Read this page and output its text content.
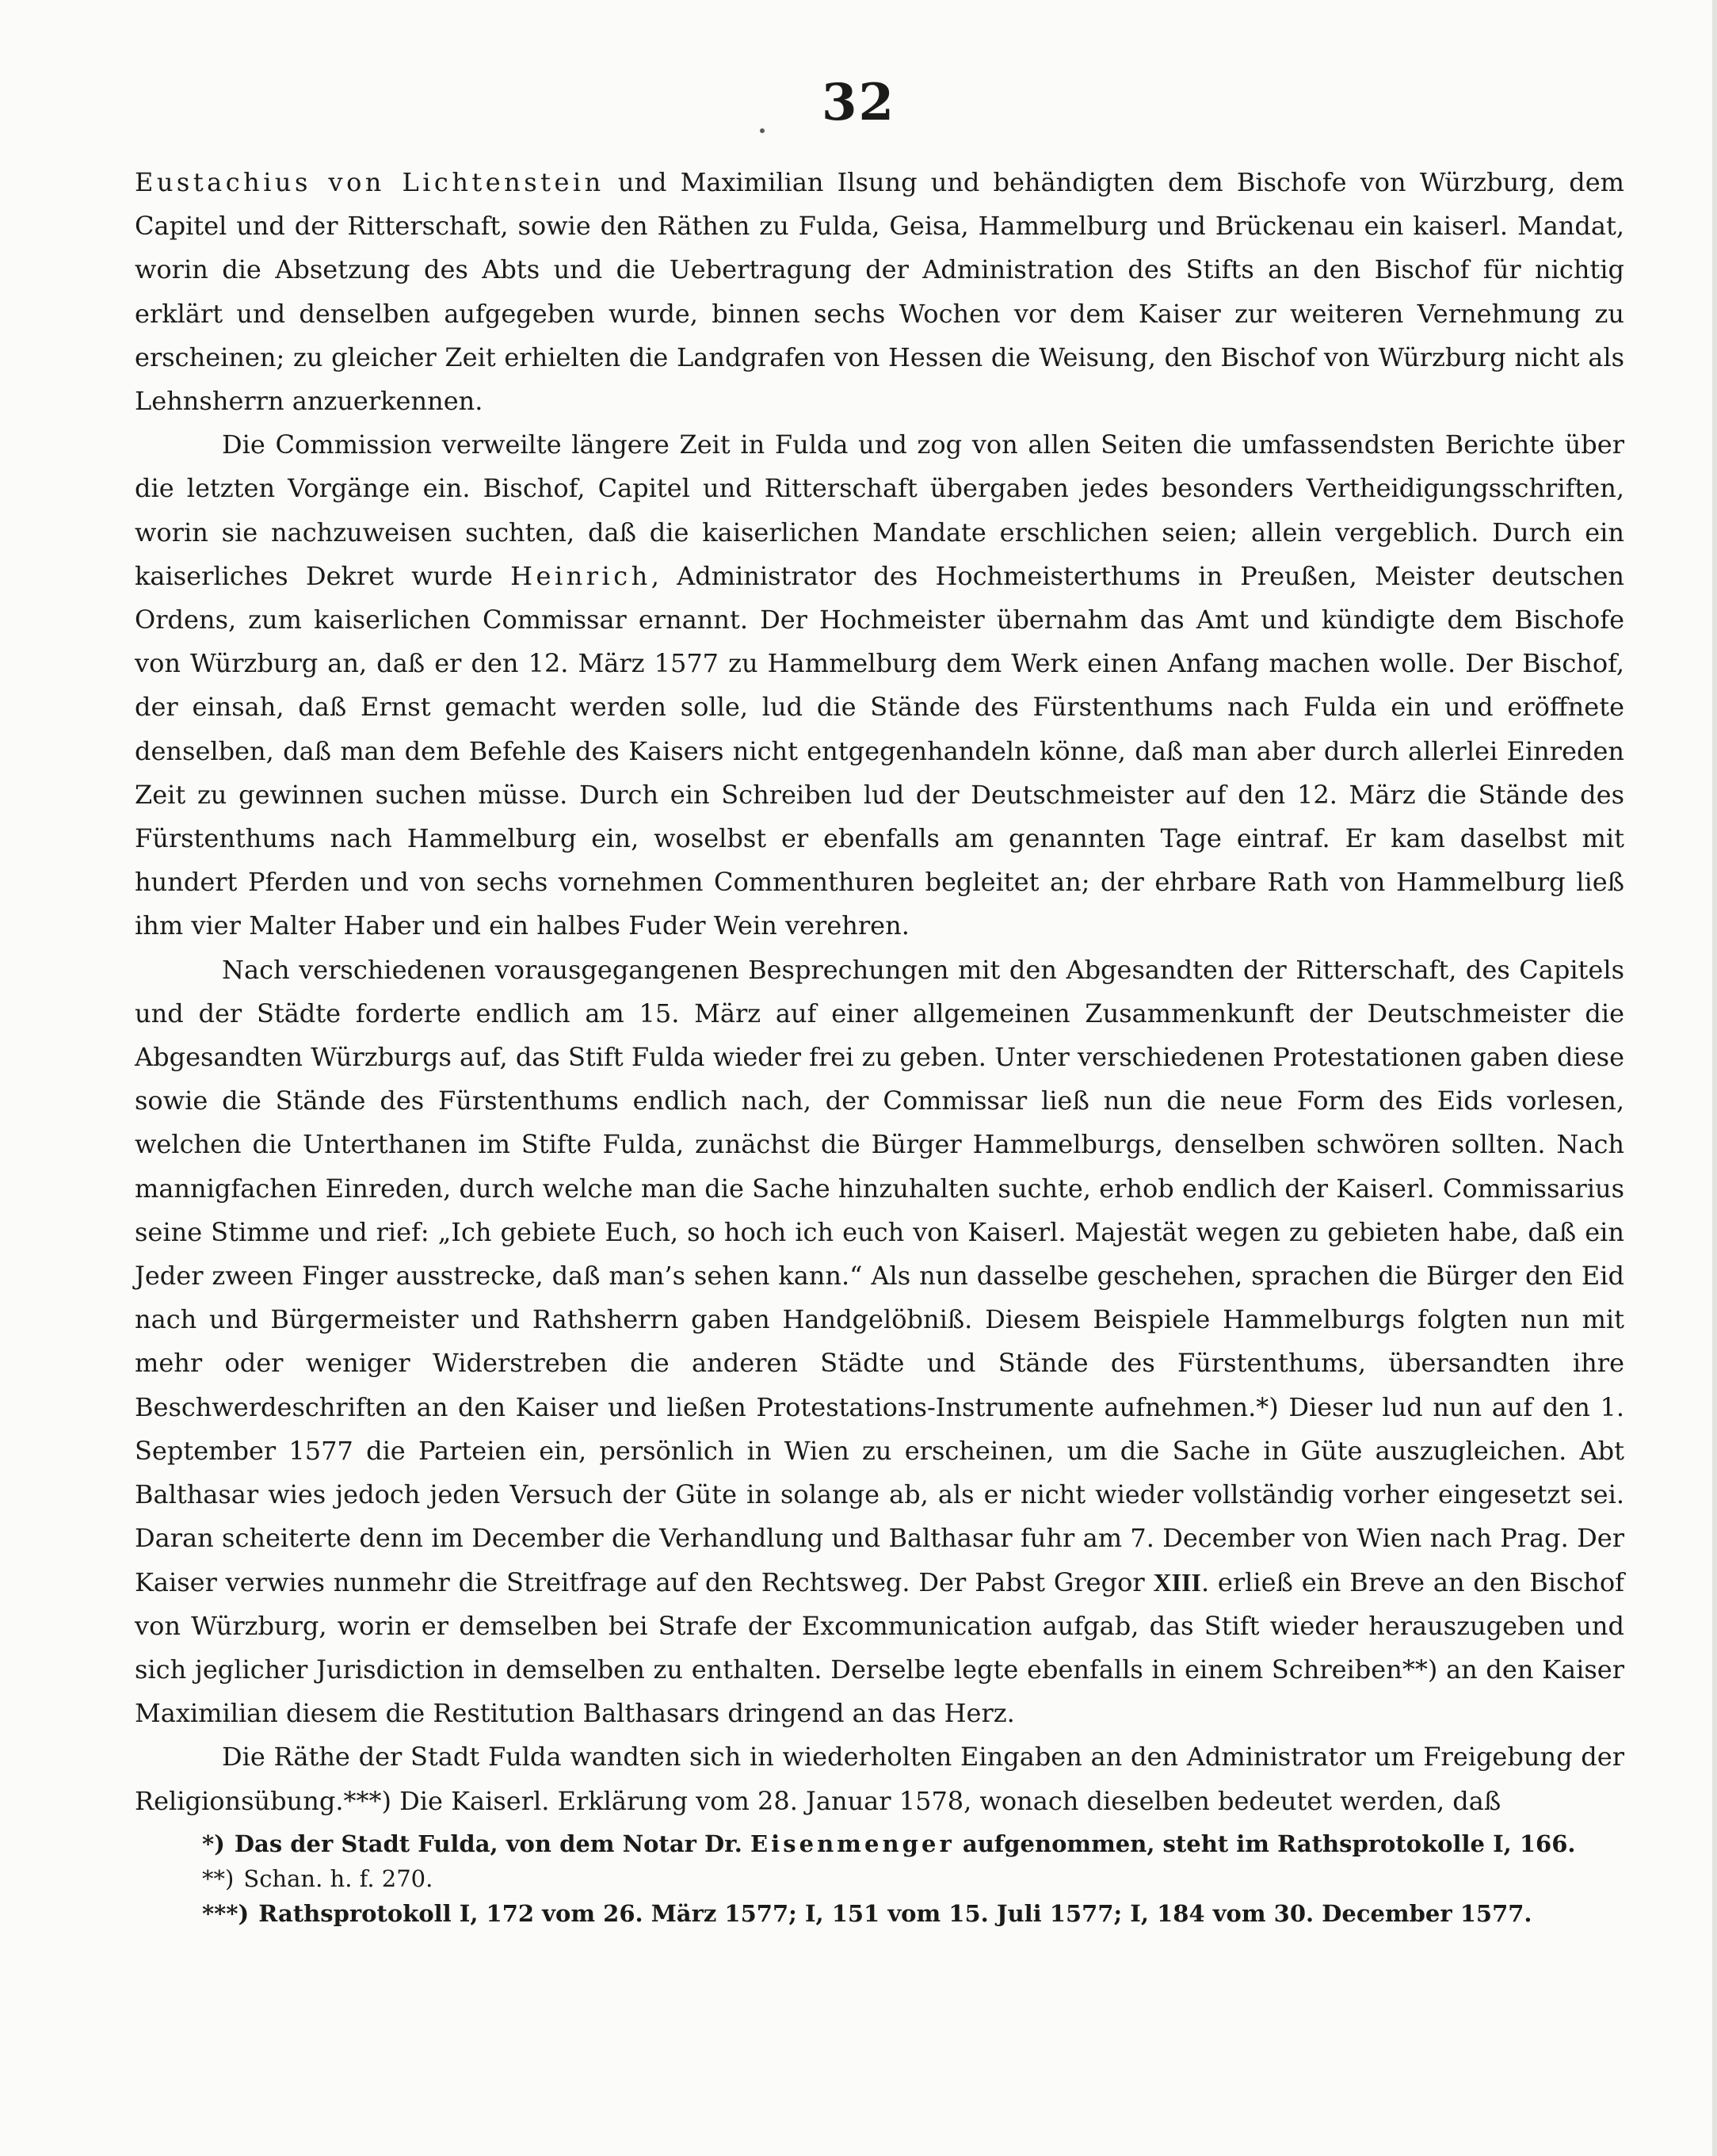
32

Eustachius von Lichtenstein und Maximilian Ilsung und behändigten dem Bischofe von Würzburg, dem Capitel und der Ritterschaft, sowie den Räthen zu Fulda, Geisa, Hammelburg und Brückenau ein kaiserl. Mandat, worin die Absetzung des Abts und die Uebertragung der Administration des Stifts an den Bischof für nichtig erklärt und denselben aufgegeben wurde, binnen sechs Wochen vor dem Kaiser zur weiteren Vernehmung zu erscheinen; zu gleicher Zeit erhielten die Landgrafen von Hessen die Weisung, den Bischof von Würzburg nicht als Lehnsherrn anzuerkennen.

Die Commission verweilte längere Zeit in Fulda und zog von allen Seiten die umfassendsten Berichte über die letzten Vorgänge ein. Bischof, Capitel und Ritterschaft übergaben jedes besonders Vertheidigungsschriften, worin sie nachzuweisen suchten, daß die kaiserlichen Mandate erschlichen seien; allein vergeblich. Durch ein kaiserliches Dekret wurde Heinrich, Administrator des Hochmeisterthums in Preußen, Meister deutschen Ordens, zum kaiserlichen Commissar ernannt. Der Hochmeister übernahm das Amt und kündigte dem Bischofe von Würzburg an, daß er den 12. März 1577 zu Hammelburg dem Werk einen Anfang machen wolle. Der Bischof, der einsah, daß Ernst gemacht werden solle, lud die Stände des Fürstenthums nach Fulda ein und eröffnete denselben, daß man dem Befehle des Kaisers nicht entgegenhandeln könne, daß man aber durch allerlei Einreden Zeit zu gewinnen suchen müsse. Durch ein Schreiben lud der Deutschmeister auf den 12. März die Stände des Fürstenthums nach Hammelburg ein, woselbst er ebenfalls am genannten Tage eintraf. Er kam daselbst mit hundert Pferden und von sechs vornehmen Commenthuren begleitet an; der ehrbare Rath von Hammelburg ließ ihm vier Malter Haber und ein halbes Fuder Wein verehren.

Nach verschiedenen vorausgegangenen Besprechungen mit den Abgesandten der Ritterschaft, des Capitels und der Städte forderte endlich am 15. März auf einer allgemeinen Zusammenkunft der Deutschmeister die Abgesandten Würzburgs auf, das Stift Fulda wieder frei zu geben. Unter verschiedenen Protestationen gaben diese sowie die Stände des Fürstenthums endlich nach, der Commissar ließ nun die neue Form des Eids vorlesen, welchen die Unterthanen im Stifte Fulda, zunächst die Bürger Hammelburgs, denselben schwören sollten. Nach mannigfachen Einreden, durch welche man die Sache hinzuhalten suchte, erhob endlich der Kaiserl. Commissarius seine Stimme und rief: „Ich gebiete Euch, so hoch ich euch von Kaiserl. Majestät wegen zu gebieten habe, daß ein Jeder zween Finger ausstrecke, daß man’s sehen kann.“ Als nun dasselbe geschehen, sprachen die Bürger den Eid nach und Bürgermeister und Rathsherrn gaben Handgelöbniß. Diesem Beispiele Hammelburgs folgten nun mit mehr oder weniger Widerstreben die anderen Städte und Stände des Fürstenthums, übersandten ihre Beschwerdeschriften an den Kaiser und ließen Protestations-Instrumente aufnehmen.*) Dieser lud nun auf den 1. September 1577 die Parteien ein, persönlich in Wien zu erscheinen, um die Sache in Güte auszugleichen. Abt Balthasar wies jedoch jeden Versuch der Güte in solange ab, als er nicht wieder vollständig vorher eingesetzt sei. Daran scheiterte denn im December die Verhandlung und Balthasar fuhr am 7. December von Wien nach Prag. Der Kaiser verwies nunmehr die Streitfrage auf den Rechtsweg. Der Pabst Gregor XIII. erließ ein Breve an den Bischof von Würzburg, worin er demselben bei Strafe der Excommunication aufgab, das Stift wieder herauszugeben und sich jeglicher Jurisdiction in demselben zu enthalten. Derselbe legte ebenfalls in einem Schreiben**) an den Kaiser Maximilian diesem die Restitution Balthasars dringend an das Herz.

Die Räthe der Stadt Fulda wandten sich in wiederholten Eingaben an den Administrator um Freigebung der Religionsübung.***) Die Kaiserl. Erklärung vom 28. Januar 1578, wonach dieselben bedeutet werden, daß

*) Das der Stadt Fulda, von dem Notar Dr. Eisenmenger aufgenommen, steht im Rathsprotokolle I, 166.
**) Schan. h. f. 270.
***) Rathsprotokoll I, 172 vom 26. März 1577; I, 151 vom 15. Juli 1577; I, 184 vom 30. December 1577.
